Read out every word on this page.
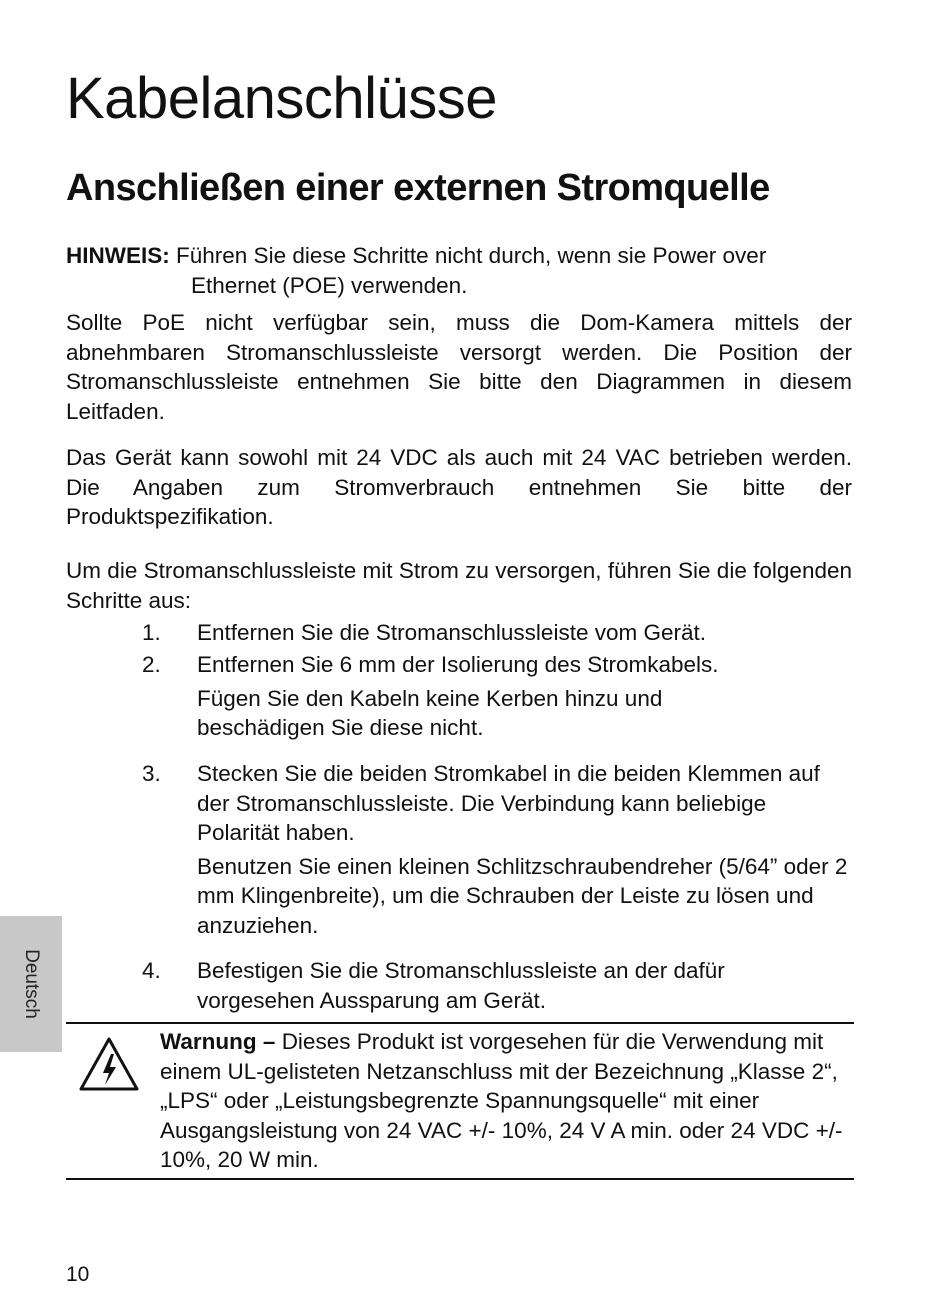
Kabelanschlüsse
Anschließen einer externen Stromquelle
HINWEIS: Führen Sie diese Schritte nicht durch, wenn sie Power over
Ethernet (POE) verwenden.
Sollte PoE nicht verfügbar sein, muss die Dom-Kamera mittels der abnehmbaren Stromanschlussleiste versorgt werden. Die Position der Stromanschlussleiste entnehmen Sie bitte den Diagrammen in diesem Leitfaden.
Das Gerät kann sowohl mit 24 VDC als auch mit 24 VAC betrieben werden. Die Angaben zum Stromverbrauch entnehmen Sie bitte der Produktspezifikation.
Um die Stromanschlussleiste mit Strom zu versorgen, führen Sie die folgenden Schritte aus:
1. Entfernen Sie die Stromanschlussleiste vom Gerät.
2. Entfernen Sie 6 mm der Isolierung des Stromkabels.
Fügen Sie den Kabeln keine Kerben hinzu und beschädigen Sie diese nicht.
3. Stecken Sie die beiden Stromkabel in die beiden Klemmen auf der Stromanschlussleiste. Die Verbindung kann beliebige Polarität haben.
Benutzen Sie einen kleinen Schlitzschraubendreher (5/64” oder 2 mm Klingenbreite), um die Schrauben der Leiste zu lösen und anzuziehen.
4. Befestigen Sie die Stromanschlussleiste an der dafür vorgesehen Aussparung am Gerät.
Warnung – Dieses Produkt ist vorgesehen für die Verwendung mit einem UL-gelisteten Netzanschluss mit der Bezeichnung „Klasse 2“, „LPS“ oder „Leistungsbegrenzte Spannungsquelle“ mit einer Ausgangsleistung von 24 VAC +/- 10%, 24 V A min. oder 24 VDC +/- 10%, 20 W min.
Deutsch
10
